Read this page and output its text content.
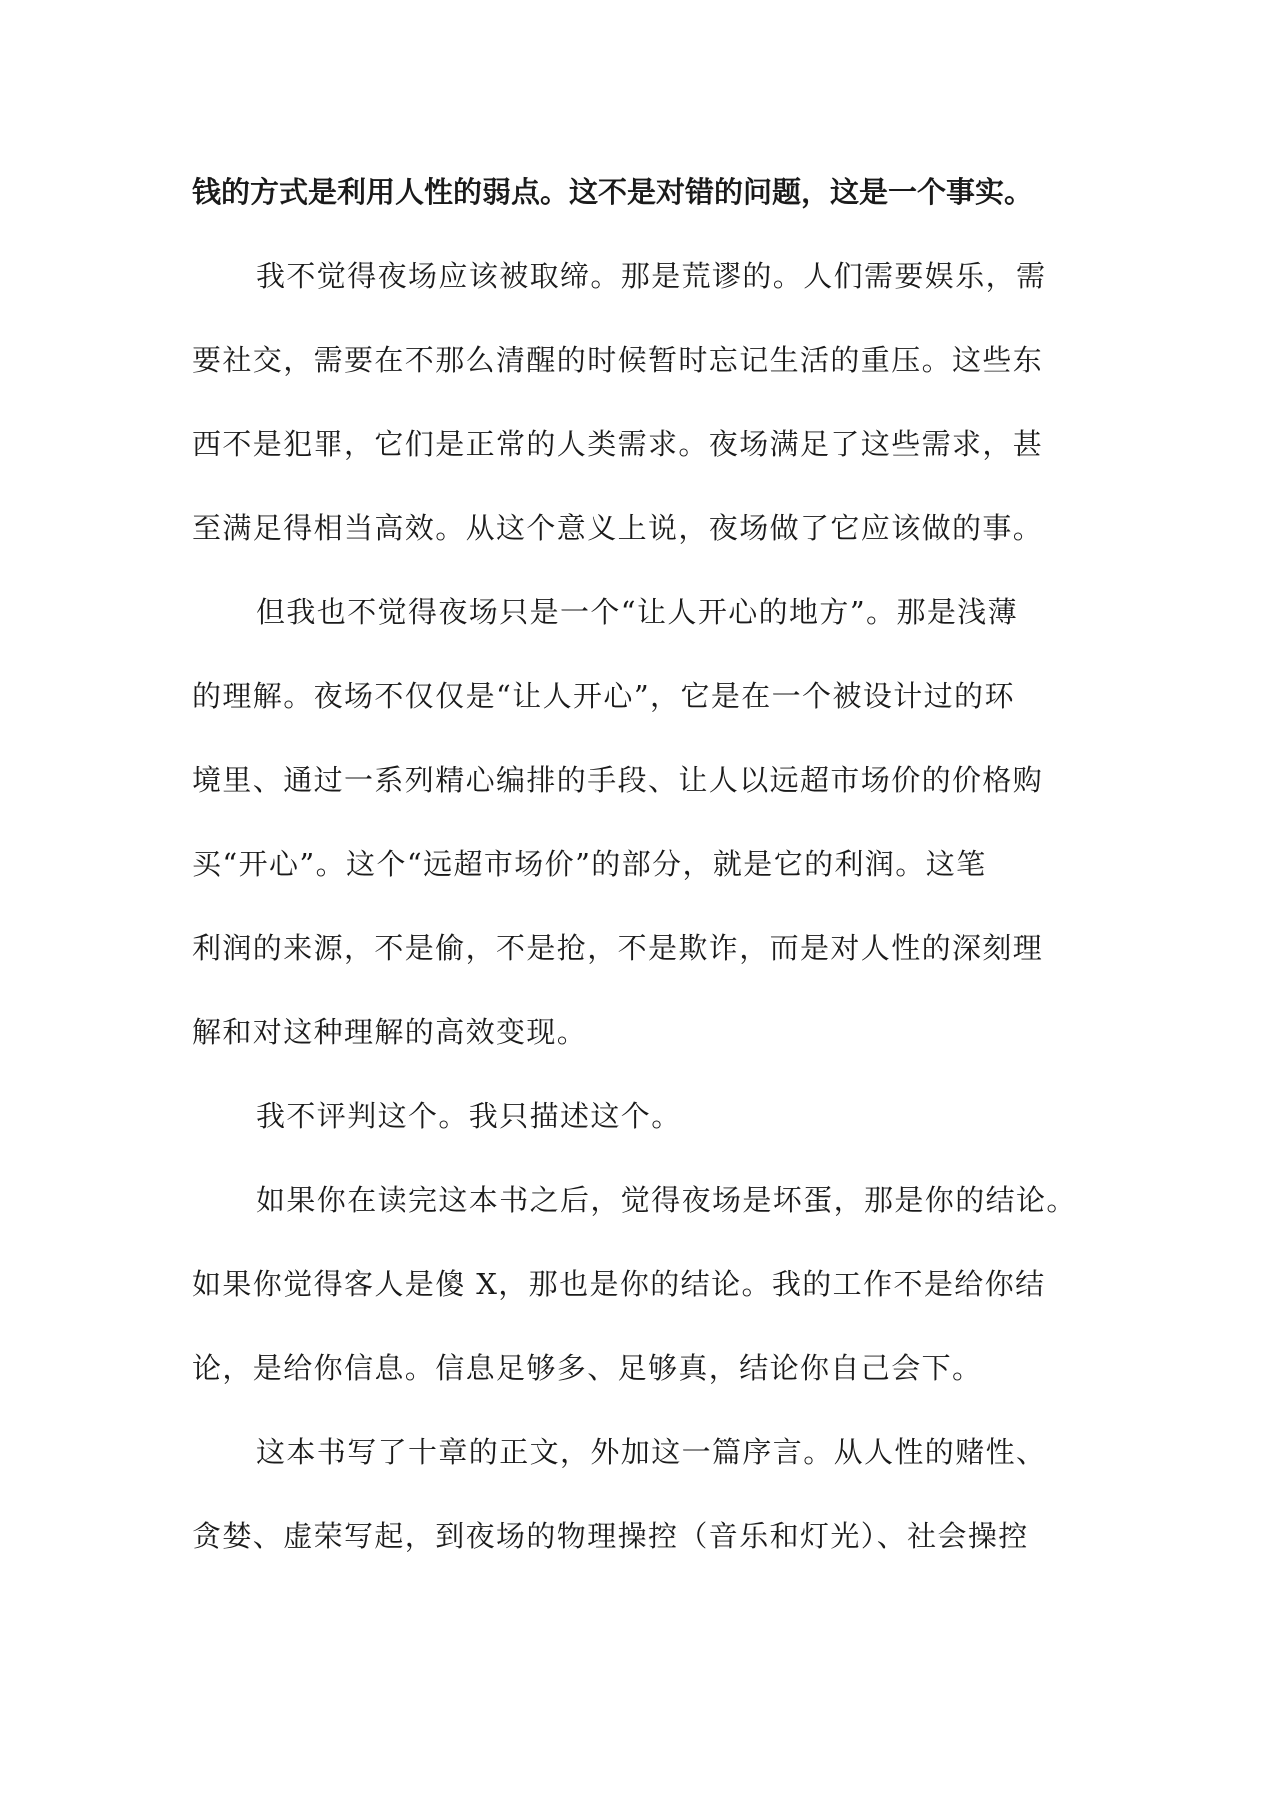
钱的方式是利用人性的弱点。这不是对错的问题，这是一个事实。
我不觉得夜场应该被取缔。那是荒谬的。人们需要娱乐，需
要社交，需要在不那么清醒的时候暂时忘记生活的重压。这些东
西不是犯罪，它们是正常的人类需求。夜场满足了这些需求，甚
至满足得相当高效。从这个意义上说，夜场做了它应该做的事。
但我也不觉得夜场只是一个“让人开心的地方”。那是浅薄
的理解。夜场不仅仅是“让人开心”，它是在一个被设计过的环
境里、通过一系列精心编排的手段、让人以远超市场价的价格购
买“开心”。这个“远超市场价”的部分，就是它的利润。这笔
利润的来源，不是偷，不是抢，不是欺诈，而是对人性的深刻理
解和对这种理解的高效变现。
我不评判这个。我只描述这个。
如果你在读完这本书之后，觉得夜场是坏蛋，那是你的结论。
如果你觉得客人是傻 X，那也是你的结论。我的工作不是给你结
论，是给你信息。信息足够多、足够真，结论你自己会下。
这本书写了十章的正文，外加这一篇序言。从人性的赌性、
贪婪、虚荣写起，到夜场的物理操控（音乐和灯光）、社会操控
